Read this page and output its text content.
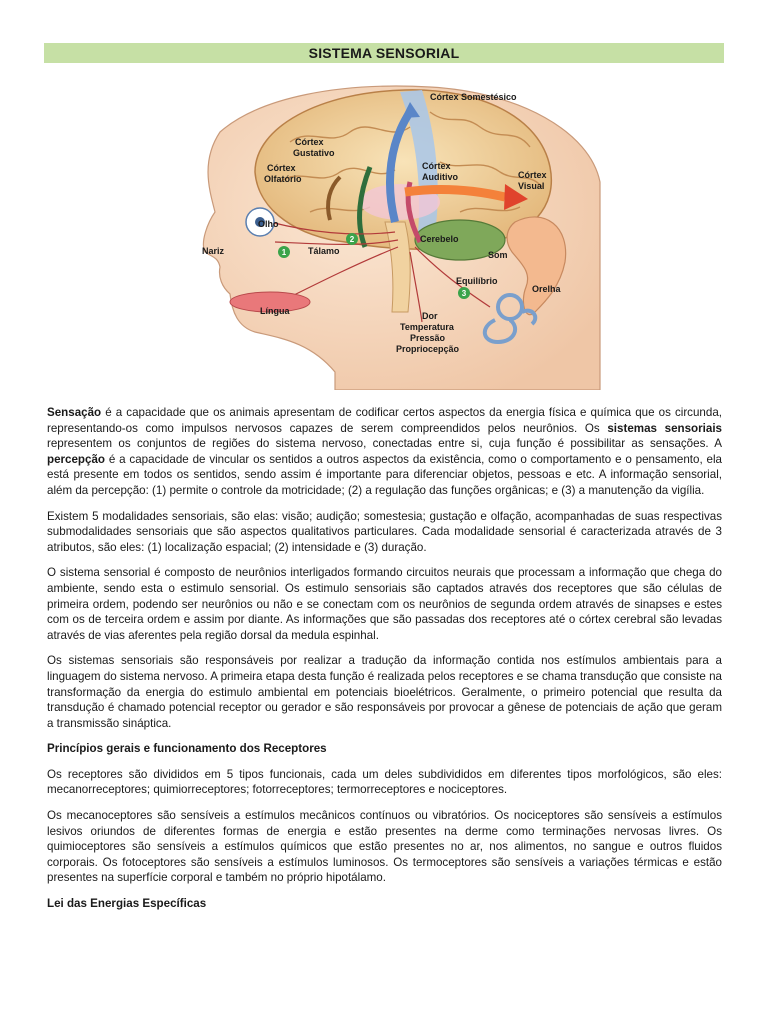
SISTEMA SENSORIAL
1
2
3
Córtex Somestésico
Córtex
Gustativo
Córtex
Olfatório
Córtex
Auditivo	Córtex
Visual
Olho
Nariz	Tálamo
Cerebelo
Som
Equilíbrio
Orelha
Língua	Dor
Temperatura
Pressão
Propriocepção

Sensação é a capacidade que os animais apresentam de codificar certos aspectos da energia física e química que os circunda, representando-os como impulsos nervosos capazes de serem compreendidos pelos neurônios. Os sistemas sensoriais representem os conjuntos de regiões do sistema nervoso, conectadas entre si, cuja função é possibilitar as sensações. A percepção é a capacidade de vincular os sentidos a outros aspectos da existência, como o comportamento e o pensamento, ela está presente em todos os sentidos, sendo assim é importante para diferenciar objetos, pessoas e etc. A informação sensorial, além da percepção: (1) permite o controle da motricidade; (2) a regulação das funções orgânicas; e (3) a manutenção da vigília.

Existem 5 modalidades sensoriais, são elas: visão; audição; somestesia; gustação e olfação, acompanhadas de suas respectivas submodalidades sensoriais que são aspectos qualitativos particulares. Cada modalidade sensorial é caracterizada através de 3 atributos, são eles: (1) localização espacial; (2) intensidade e (3) duração.

O sistema sensorial é composto de neurônios interligados formando circuitos neurais que processam a informação que chega do ambiente, sendo esta o estimulo sensorial. Os estimulo sensoriais são captados através dos receptores que são células de primeira ordem, podendo ser neurônios ou não e se conectam com os neurônios de segunda ordem através de sinapses e estes com os de terceira ordem e assim por diante. As informações que são passadas dos receptores até o córtex cerebral são levadas através de vias aferentes pela região dorsal da medula espinhal.

Os sistemas sensoriais são responsáveis por realizar a tradução da informação contida nos estímulos ambientais para a linguagem do sistema nervoso. A primeira etapa desta função é realizada pelos receptores e se chama transdução que consiste na transformação da energia do estimulo ambiental em potenciais bioelétricos. Geralmente, o primeiro potencial que resulta da transdução é chamado potencial receptor ou gerador e são responsáveis por provocar a gênese de potenciais de ação que geram a transmissão sináptica.

Princípios gerais e funcionamento dos Receptores

Os receptores são divididos em 5 tipos funcionais, cada um deles subdivididos em diferentes tipos morfológicos, são eles: mecanorreceptores; quimiorreceptores; fotorreceptores; termorreceptores e nociceptores.

Os mecanoceptores são sensíveis a estímulos mecânicos contínuos ou vibratórios. Os nociceptores são sensíveis a estímulos lesivos oriundos de diferentes formas de energia e estão presentes na derme como terminações nervosas livres. Os quimioceptores são sensíveis a estímulos químicos que estão presentes no ar, nos alimentos, no sangue e outros fluidos corporais. Os fotoceptores são sensíveis a estímulos luminosos. Os termoceptores são sensíveis a variações térmicas e estão presentes na superfície corporal e também no próprio hipotálamo.

Lei das Energias Específicas
